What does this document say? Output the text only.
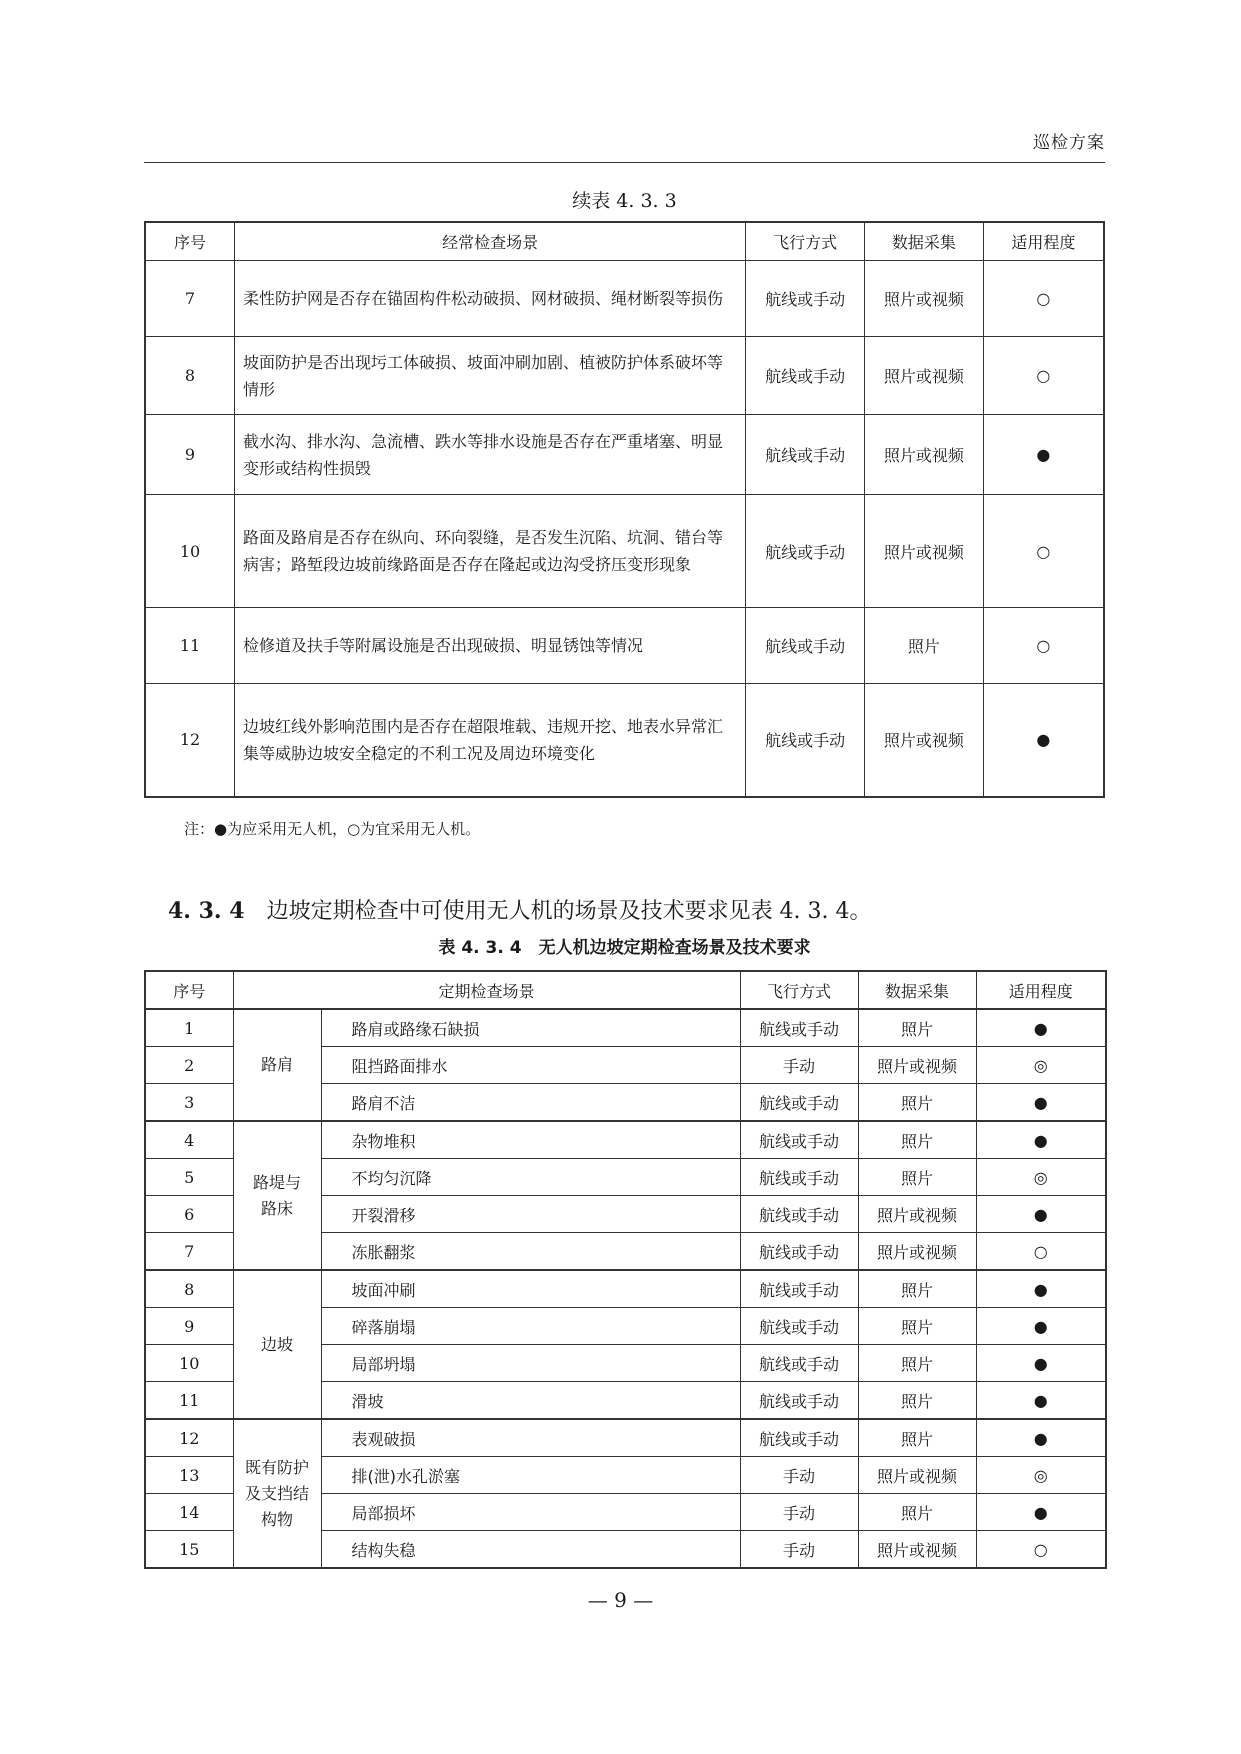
巡检方案
续表 4. 3. 3
序号	经常检查场景	飞行方式	数据采集	适用程度
7	柔性防护网是否存在锚固构件松动破损、网材破损、绳材断裂等损伤	航线或手动	照片或视频	○
8	坡面防护是否出现圬工体破损、坡面冲刷加剧、植被防护体系破坏等情形	航线或手动	照片或视频	○
9	截水沟、排水沟、急流槽、跌水等排水设施是否存在严重堵塞、明显变形或结构性损毁	航线或手动	照片或视频	●
10	路面及路肩是否存在纵向、环向裂缝，是否发生沉陷、坑洞、错台等病害；路堑段边坡前缘路面是否存在隆起或边沟受挤压变形现象	航线或手动	照片或视频	○
11	检修道及扶手等附属设施是否出现破损、明显锈蚀等情况	航线或手动	照片	○
12	边坡红线外影响范围内是否存在超限堆载、违规开挖、地表水异常汇集等威胁边坡安全稳定的不利工况及周边环境变化	航线或手动	照片或视频	●
注：●为应采用无人机，○为宜采用无人机。
4. 3. 4 边坡定期检查中可使用无人机的场景及技术要求见表 4. 3. 4。
表 4. 3. 4　无人机边坡定期检查场景及技术要求
序号	定期检查场景		飞行方式	数据采集	适用程度
1	路肩	路肩或路缘石缺损	航线或手动	照片	●
2		阻挡路面排水	手动	照片或视频	◎
3		路肩不洁	航线或手动	照片	●
4	路堤与路床	杂物堆积	航线或手动	照片	●
5		不均匀沉降	航线或手动	照片	◎
6		开裂滑移	航线或手动	照片或视频	●
7		冻胀翻浆	航线或手动	照片或视频	○
8	边坡	坡面冲刷	航线或手动	照片	●
9		碎落崩塌	航线或手动	照片	●
10		局部坍塌	航线或手动	照片	●
11		滑坡	航线或手动	照片	●
12	既有防护及支挡结构物	表观破损	航线或手动	照片	●
13		排(泄)水孔淤塞	手动	照片或视频	◎
14		局部损坏	手动	照片	●
15		结构失稳	手动	照片或视频	○
— 9 —
